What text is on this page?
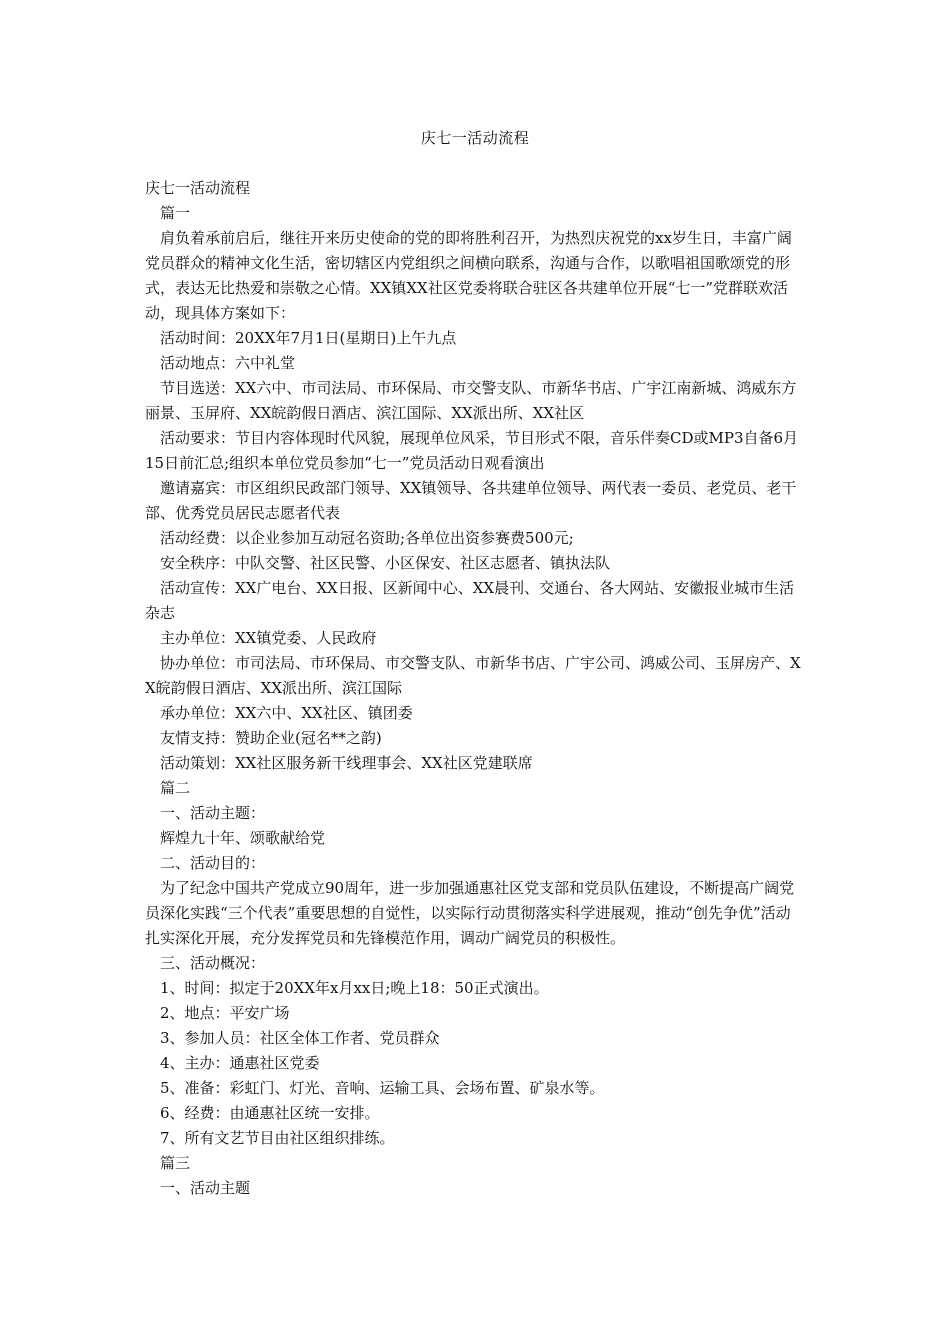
庆七一活动流程

庆七一活动流程

篇一

肩负着承前启后，继往开来历史使命的党的即将胜利召开，为热烈庆祝党的xx岁生日，丰富广阔党员群众的精神文化生活，密切辖区内党组织之间横向联系，沟通与合作，以歌唱祖国歌颂党的形式，表达无比热爱和崇敬之心情。XX镇XX社区党委将联合驻区各共建单位开展“七一”党群联欢活动，现具体方案如下：

活动时间：20XX年7月1日(星期日)上午九点

活动地点：六中礼堂

节目选送：XX六中、市司法局、市环保局、市交警支队、市新华书店、广宇江南新城、鸿威东方丽景、玉屏府、XX皖韵假日酒店、滨江国际、XX派出所、XX社区

活动要求：节目内容体现时代风貌，展现单位风采，节目形式不限，音乐伴奏CD或MP3自备6月15日前汇总;组织本单位党员参加“七一”党员活动日观看演出

邀请嘉宾：市区组织民政部门领导、XX镇领导、各共建单位领导、两代表一委员、老党员、老干部、优秀党员居民志愿者代表

活动经费：以企业参加互动冠名资助;各单位出资参赛费500元;

安全秩序：中队交警、社区民警、小区保安、社区志愿者、镇执法队

活动宣传：XX广电台、XX日报、区新闻中心、XX晨刊、交通台、各大网站、安徽报业城市生活杂志

主办单位：XX镇党委、人民政府

协办单位：市司法局、市环保局、市交警支队、市新华书店、广宇公司、鸿威公司、玉屏房产、XX皖韵假日酒店、XX派出所、滨江国际

承办单位：XX六中、XX社区、镇团委

友情支持：赞助企业(冠名**之韵)

活动策划：XX社区服务新干线理事会、XX社区党建联席

篇二

一、活动主题：

辉煌九十年、颂歌献给党

二、活动目的：

为了纪念中国共产党成立90周年，进一步加强通惠社区党支部和党员队伍建设，不断提高广阔党员深化实践“三个代表”重要思想的自觉性，以实际行动贯彻落实科学进展观，推动“创先争优”活动扎实深化开展，充分发挥党员和先锋模范作用，调动广阔党员的积极性。

三、活动概况：

1、时间：拟定于20XX年x月xx日;晚上18：50正式演出。

2、地点：平安广场

3、参加人员：社区全体工作者、党员群众

4、主办：通惠社区党委

5、准备：彩虹门、灯光、音响、运输工具、会场布置、矿泉水等。

6、经费：由通惠社区统一安排。

7、所有文艺节目由社区组织排练。

篇三

一、活动主题
